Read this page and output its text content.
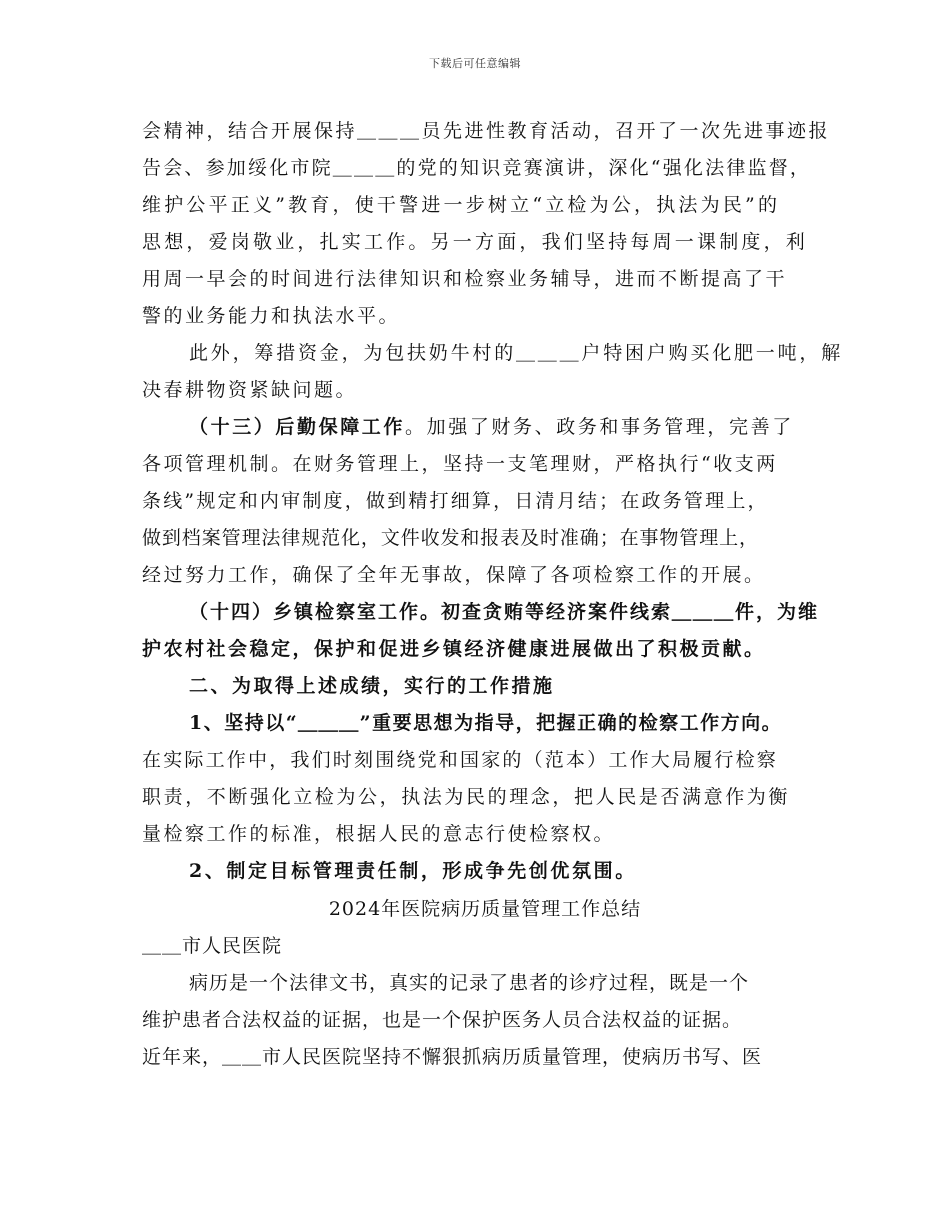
下载后可任意编辑
会精神，结合开展保持＿＿＿员先进性教育活动，召开了一次先进事迹报
告会、参加绥化市院＿＿＿的党的知识竞赛演讲，深化“强化法律监督，
维护公平正义”教育，使干警进一步树立“立检为公，执法为民”的
思想，爱岗敬业，扎实工作。另一方面，我们坚持每周一课制度，利
用周一早会的时间进行法律知识和检察业务辅导，进而不断提高了干
警的业务能力和执法水平。
此外，筹措资金，为包扶奶牛村的＿＿＿户特困户购买化肥一吨，解
决春耕物资紧缺问题。
（十三）后勤保障工作。加强了财务、政务和事务管理，完善了
各项管理机制。在财务管理上，坚持一支笔理财，严格执行“收支两
条线”规定和内审制度，做到精打细算，日清月结；在政务管理上，
做到档案管理法律规范化，文件收发和报表及时准确；在事物管理上，
经过努力工作，确保了全年无事故，保障了各项检察工作的开展。
（十四）乡镇检察室工作。初查贪贿等经济案件线索＿＿＿件，为维
护农村社会稳定，保护和促进乡镇经济健康进展做出了积极贡献。
二、为取得上述成绩，实行的工作措施
1、坚持以“＿＿＿”重要思想为指导，把握正确的检察工作方向。
在实际工作中，我们时刻围绕党和国家的（范本）工作大局履行检察
职责，不断强化立检为公，执法为民的理念，把人民是否满意作为衡
量检察工作的标准，根据人民的意志行使检察权。
2、制定目标管理责任制，形成争先创优氛围。
2024年医院病历质量管理工作总结
＿＿市人民医院
病历是一个法律文书，真实的记录了患者的诊疗过程，既是一个
维护患者合法权益的证据，也是一个保护医务人员合法权益的证据。
近年来，＿＿市人民医院坚持不懈狠抓病历质量管理，使病历书写、医
